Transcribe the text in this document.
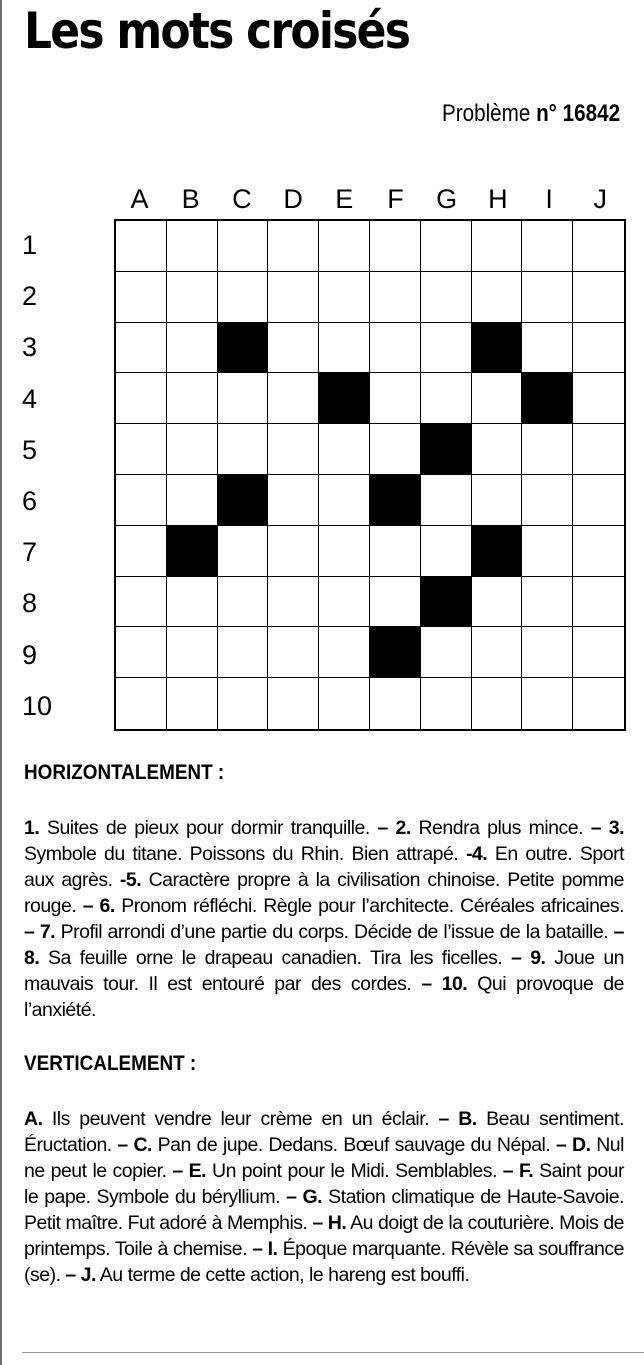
Les mots croisés
Problème n° 16842
A	B	C	D	E	F	G	H	I	J
1
2
3
4
5
6
7
8
9
10
HORIZONTALEMENT :

1. Suites de pieux pour dormir tranquille. – 2. Rendra plus mince. – 3. Symbole du titane. Poissons du Rhin. Bien attrapé. -4. En outre. Sport aux agrès. -5. Caractère propre à la civilisation chinoise. Petite pomme rouge. – 6. Pronom réfléchi. Règle pour l’architecte. Céréales africaines. – 7. Profil arrondi d’une partie du corps. Décide de l’issue de la bataille. – 8. Sa feuille orne le drapeau canadien. Tira les ficelles. – 9. Joue un mauvais tour. Il est entouré par des cordes. – 10. Qui provoque de l’anxiété.

VERTICALEMENT :

A. Ils peuvent vendre leur crème en un éclair. – B. Beau sentiment. Éructation. – C. Pan de jupe. Dedans. Bœuf sauvage du Népal. – D. Nul ne peut le copier. – E. Un point pour le Midi. Semblables. – F. Saint pour le pape. Symbole du béryllium. – G. Station climatique de Haute-Savoie. Petit maître. Fut adoré à Memphis. – H. Au doigt de la couturière. Mois de printemps. Toile à chemise. – I. Époque marquante. Révèle sa souffrance (se). – J. Au terme de cette action, le hareng est bouffi.
